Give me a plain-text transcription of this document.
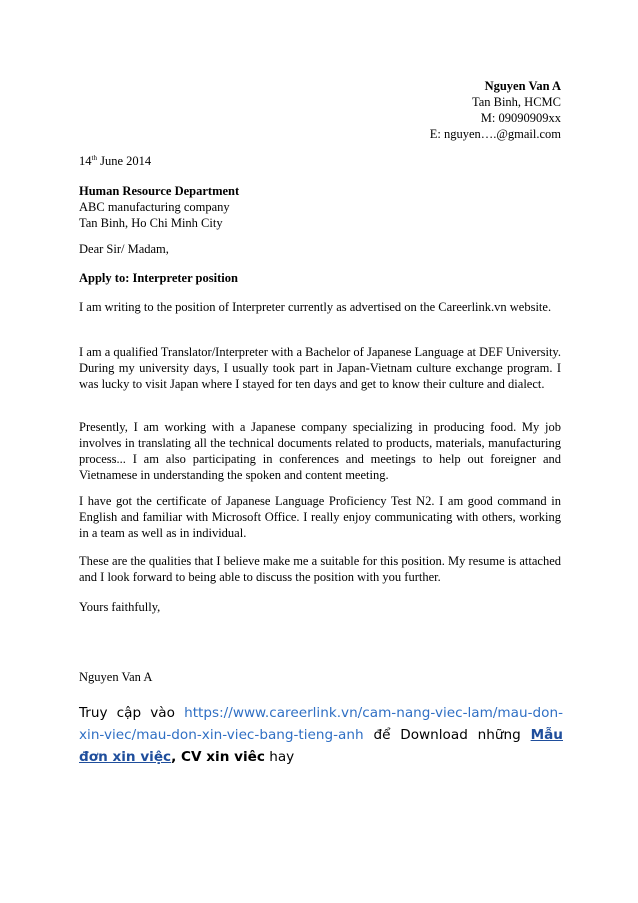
Nguyen Van A
Tan Binh, HCMC
M: 09090909xx
E: nguyen….@gmail.com
14th June 2014
Human Resource Department
ABC manufacturing company
Tan Binh, Ho Chi Minh City
Dear Sir/ Madam,
Apply to: Interpreter position
I am writing to the position of Interpreter currently as advertised on the Careerlink.vn website.
I am a qualified Translator/Interpreter with a Bachelor of Japanese Language at DEF University. During my university days, I usually took part in Japan-Vietnam culture exchange program. I was lucky to visit Japan where I stayed for ten days and get to know their culture and dialect.
Presently, I am working with a Japanese company specializing in producing food. My job involves in translating all the technical documents related to products, materials, manufacturing process... I am also participating in conferences and meetings to help out foreigner and Vietnamese in understanding the spoken and content meeting.
I have got the certificate of Japanese Language Proficiency Test N2. I am good command in English and familiar with Microsoft Office. I really enjoy communicating with others, working in a team as well as in individual.
These are the qualities that I believe make me a suitable for this position. My resume is attached and I look forward to being able to discuss the position with you further.
Yours faithfully,
Nguyen Van A
Truy cập vào https://www.careerlink.vn/cam-nang-viec-lam/mau-don-xin-viec/mau-don-xin-viec-bang-tieng-anh để Download những Mẫu đơn xin việc, CV xin viêc hay
